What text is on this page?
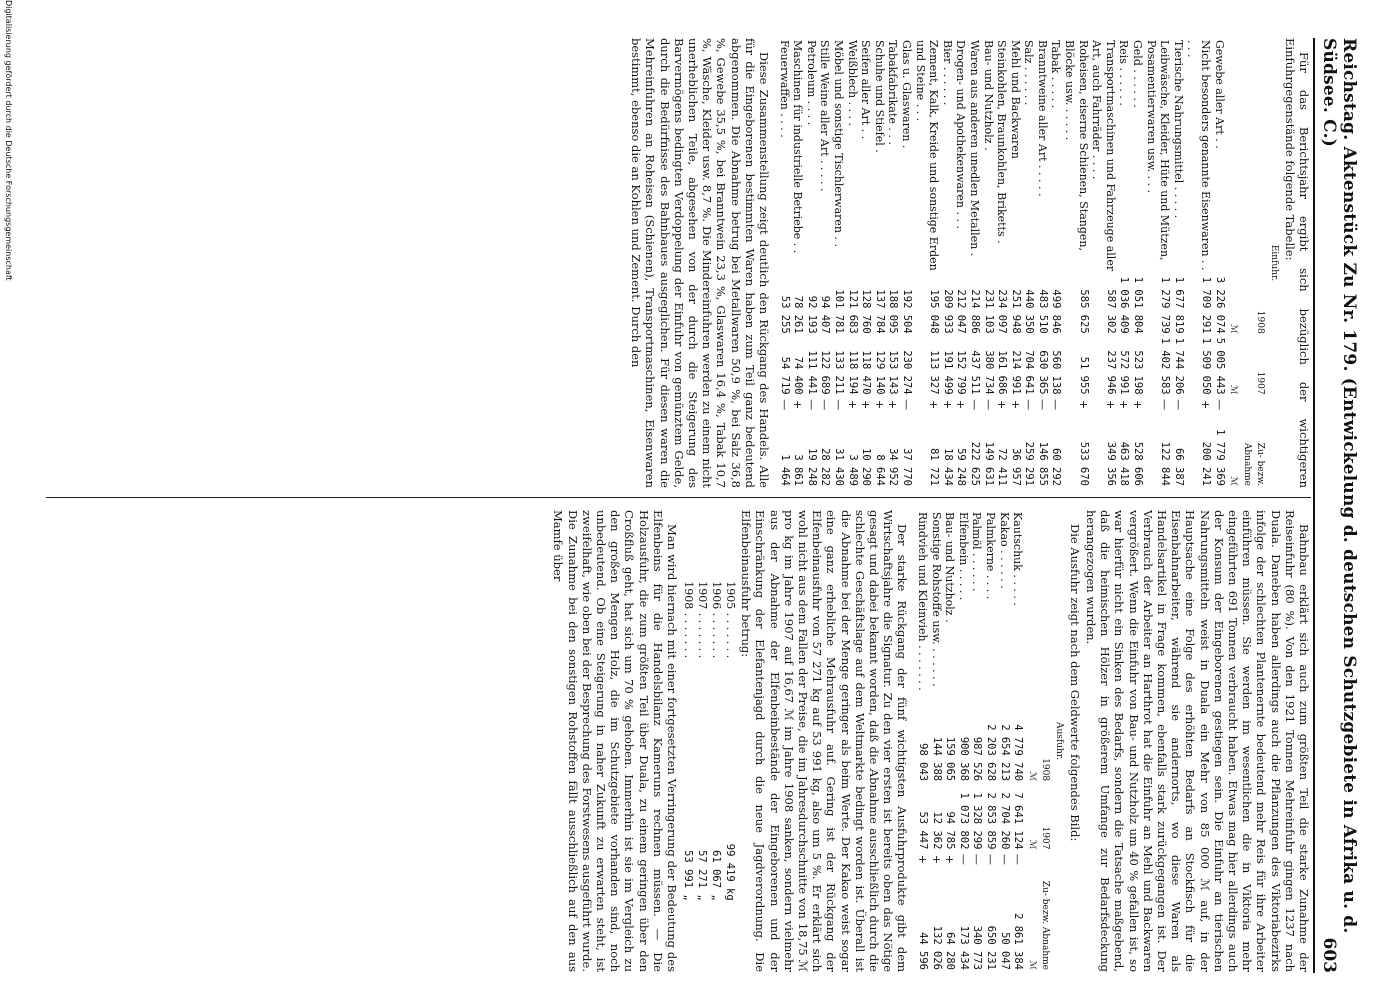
Reichstag. Aktenstück Zu Nr. 179. (Entwickelung d. deutschen Schutzgebiete in Afrika u. d. Südsee. C.)
603

Für das Berichtsjahr ergibt sich bezüglich der wichtigeren Einfuhrgegenstände folgende Tabelle:

Einfuhr.
	1908	1907		Zu- bezw. Abnahme
	ℳ	ℳ		ℳ
Gewebe aller Art . .	3 226 074	5 005 443	—	1 779 369
Nicht besonders genannte Eisenwaren . . . . .	1 709 291	1 509 050	+	200 241
Tierische Nahrungsmittel . . . . .	1 677 819	1 744 206	—	66 387
Leibwäsche, Kleider, Hüte und Mützen, Posamentierwaren usw. . . .	1 279 739	1 402 583	—	122 844
Geld . . . . . .	1 051 804	523 198	+	528 606
Reis . . . . . .	1 036 409	572 991	+	463 418
Transportmaschinen und Fahrzeuge aller Art, auch Fahrräder . . . .	587 302	237 946	+	349 356
Roheisen, eiserne Schienen, Stangen, Blöcke usw. . . . . .	585 625	51 955	+	533 670
Tabak . . . . .	499 846	560 138	—	60 292
Branntweine aller Art . . . . .	483 510	630 365	—	146 855
Salz . . . . . .	440 350	704 641	—	259 291
Mehl und Backwaren	251 948	214 991	+	36 957
Steinkohlen, Braunkohlen, Briketts .	234 097	161 686	+	72 411
Bau- und Nutzholz .	231 103	380 734	—	149 631
Waren aus anderen unedlen Metallen .	214 886	437 511	—	222 625
Drogen- und Apothekenwaren . . .	212 047	152 799	+	59 248
Bier . . . . . .	209 933	191 499	+	18 434
Zement, Kalk, Kreide und sonstige Erden und Steine . . .	195 048	113 327	+	81 721
Glas u. Glaswaren .	192 504	230 274	—	37 770
Tabakfabrikate . . .	188 095	153 143	+	34 952
Schuhe und Stiefel .	137 784	129 140	+	8 644
Seifen aller Art . .	128 760	118 470	+	10 290
Weißblech . . . .	121 683	118 194	+	3 489
Möbel und sonstige Tischlerwaren . .	101 781	133 211	—	31 430
Stille Weine aller Art . . . . .	94 407	122 689	—	28 282
Petroleum . . . .	92 193	111 441	—	19 248
Maschinen für industrielle Betriebe . .	78 261	74 400	+	3 861
Feuerwaffen . . . .	53 255	54 719	—	1 464

Diese Zusammenstellung zeigt deutlich den Rückgang des Handels. Alle für die Eingeborenen bestimmten Waren haben zum Teil ganz bedeutend abgenommen. Die Abnahme betrug bei Metallwaren 50,9 %, bei Salz 36,8 %, Gewebe 35,5 %, bei Branntwein 23,3 %, Glaswaren 16,4 %, Tabak 10,7 %, Wäsche, Kleider usw. 8,7 %. Die Mindereinfuhren werden zu einem nicht unerheblichen Teile, abgesehen von der durch die Steigerung des Barvermögens bedingten Verdoppelung der Einfuhr von gemünztem Gelde, durch die Bedürfnisse des Bahnbaues ausgeglichen. Für diesen waren die Mehreinfuhren an Roheisen (Schienen), Transportmaschinen, Eisenwaren bestimmt, ebenso die an Kohlen und Zement. Durch den

Bahnbau erklärt sich auch zum größten Teil die starke Zunahme der Reiseinfuhr (80 %). Von den 1921 Tonnen Mehreinfuhr gingen 1237 nach Duala. Daneben haben allerdings auch die Pflanzungen des Viktoriabezirks infolge der schlechten Plantenernte bedeutend mehr Reis für ihre Arbeiter einführen müssen. Sie werden im wesentlichen die in Viktoria mehr eingeführten 691 Tonnen verbraucht haben. Etwas mag hier allerdings auch der Konsum der Eingeborenen gestiegen sein. Die Einfuhr an tierischen Nahrungsmitteln weist in Duala ein Mehr von 85 000 ℳ auf, in der Hauptsache eine Folge des erhöhten Bedarfs an Stockfisch für die Eisenbahnarbeiter, während sie andernorts, wo diese Waren als Handelsartikel in Frage kommen, ebenfalls stark zurückgegangen ist. Der Verbrauch der Arbeiter an Harthrot hat die Einfuhr an Mehl und Backwaren vergrößert. Wenn die Einfuhr von Bau- und Nutzholz um 40 % gefallen ist, so war hierfür nicht ein Sinken des Bedarfs, sondern die Tatsache maßgebend, daß die heimischen Hölzer in größerem Umfange zur Bedarfsdeckung herangezogen wurden.

Die Ausfuhr zeigt nach dem Geldwerte folgendes Bild:

Ausfuhr.
	1908	1907		Zu- bezw. Abnahme
	ℳ	ℳ		ℳ
Kautschuk . . . . .	4 779 740	7 641 124	—	2 861 384
Kakao . . . . . .	2 654 213	2 704 260	—	50 047
Palmkerne . . . .	2 203 628	2 853 859	—	650 231
Palmöl . . . . . .	987 526	1 328 299	—	340 773
Elfenbein . . . . .	900 368	1 073 802	—	173 434
Bau- und Nutzholz .	159 065	94 785	+	64 280
Sonstige Rohstoffe usw. . . . . . .	144 388	12 362	+	132 026
Rindvieh und Kleinvieh . . . . . . .	98 043	53 447	+	44 596

Der starke Rückgang der fünf wichtigsten Ausfuhrprodukte gibt dem Wirtschaftsjahre die Signatur. Zu den vier ersten ist bereits oben das Nötige gesagt und dabei bekannt worden, daß die Abnahme ausschließlich durch die schlechte Geschäftslage auf dem Weltmarkte bedingt worden ist. Überall ist die Abnahme bei der Menge geringer als beim Werte. Der Kakao weist sogar eine ganz erhebliche Mehrausfuhr auf. Gering ist der Rückgang der Elfenbeinausfuhr von 57 271 kg auf 53 991 kg, also um 5 %. Er erklärt sich wohl nicht aus dem Fallen der Preise, die im Jahresdurchschnitte von 18,75 ℳ pro kg im Jahre 1907 auf 16,67 ℳ im Jahre 1908 sanken, sondern vielmehr aus der Abnahme der Elfenbeinbestände der Eingeborenen und der Einschränkung der Elefantenjagd durch die neue Jagdverordnung. Die Elfenbeinausfuhr betrug:

1905 . . . . . . .	99 419 kg
1906 . . . . . . .	61 067 „
1907 . . . . . . .	57 271 „
1908 . . . . . . .	53 991 „

Man wird hiernach mit einer fortgesetzten Verringerung der Bedeutung des Elfenbeins für die Handelsbilanz Kameruns rechnen müssen. — Die Holzausfuhr, die zum größten Teil über Duala, zu einem geringen über den Croßfluß geht, hat sich um 70 % gehoben. Immerhin ist sie im Vergleich zu den großen Mengen Holz, die im Schutzgebiete vorhanden sind, noch unbedeutend. Ob eine Steigerung in naher Zukunft zu erwarten steht, ist zweifelhaft, wie oben bei der Besprechung des Forstwesens ausgeführt wurde. Die Zunahme bei den sonstigen Rohstoffen fällt ausschließlich auf den aus Mamfe über

Digitalisierung gefördert durch die Deutsche Forschungsgemeinschaft
